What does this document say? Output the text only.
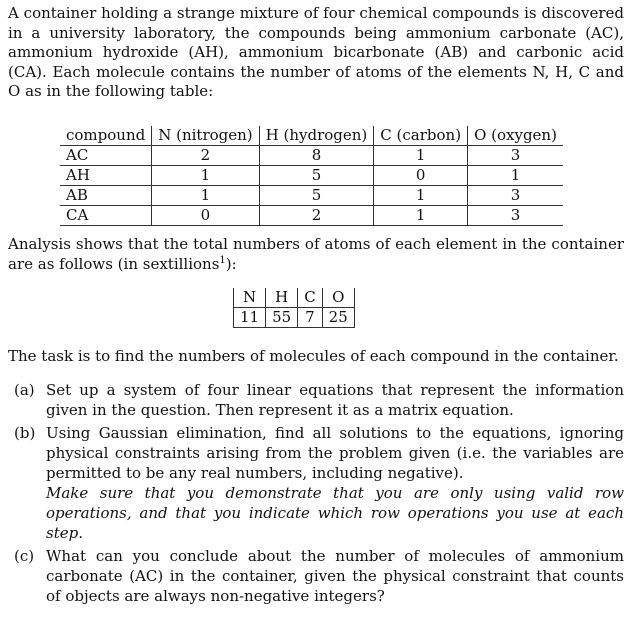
A container holding a strange mixture of four chemical compounds is discovered in a university laboratory, the compounds being ammonium carbonate (AC), ammonium hydroxide (AH), ammonium bicarbonate (AB) and carbonic acid (CA). Each molecule contains the number of atoms of the elements N, H, C and O as in the following table:

compound	N (nitrogen)	H (hydrogen)	C (carbon)	O (oxygen)
AC	2	8	1	3
AH	1	5	0	1
AB	1	5	1	3
CA	0	2	1	3

Analysis shows that the total numbers of atoms of each element in the container are as follows (in sextillions$^1$):

N	H	C	O
11	55	7	25

The task is to find the numbers of molecules of each compound in the container.

(a) Set up a system of four linear equations that represent the information given in the question. Then represent it as a matrix equation.
(b) Using Gaussian elimination, find all solutions to the equations, ignoring physical constraints arising from the problem given (i.e. the variables are permitted to be any real numbers, including negative).
Make sure that you demonstrate that you are only using valid row operations, and that you indicate which row operations you use at each step.
(c) What can you conclude about the number of molecules of ammonium carbonate (AC) in the container, given the physical constraint that counts of objects are always non-negative integers?
